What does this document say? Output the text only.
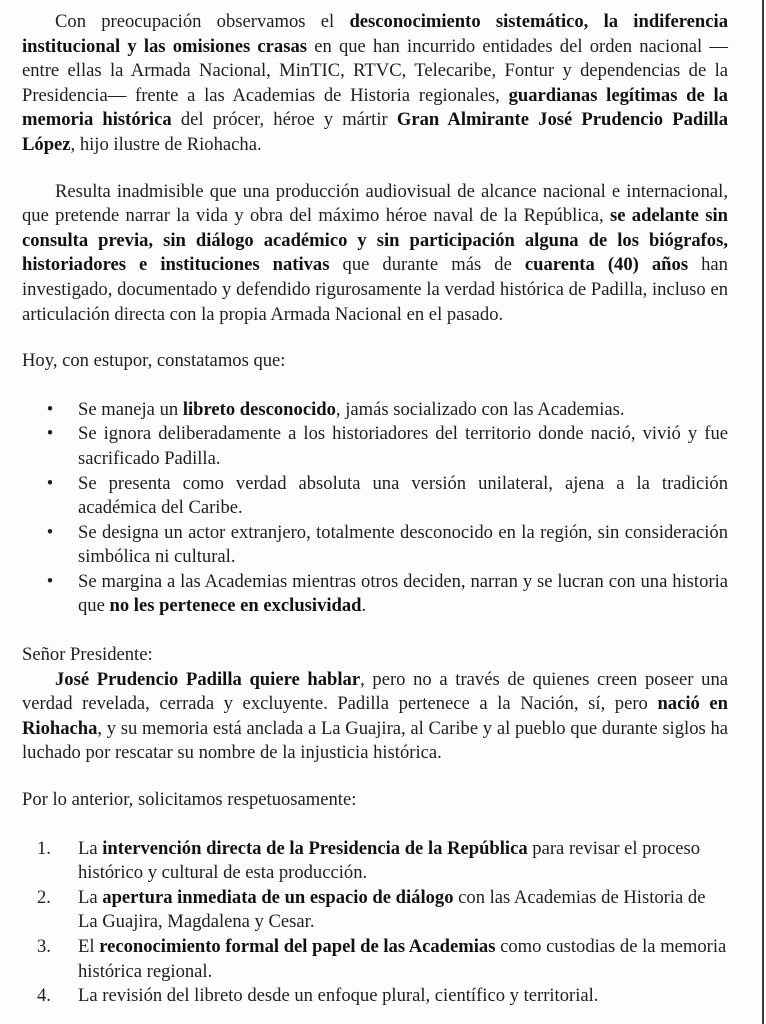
Con preocupación observamos el desconocimiento sistemático, la indiferencia institucional y las omisiones crasas en que han incurrido entidades del orden nacional —entre ellas la Armada Nacional, MinTIC, RTVC, Telecaribe, Fontur y dependencias de la Presidencia— frente a las Academias de Historia regionales, guardianas legítimas de la memoria histórica del prócer, héroe y mártir Gran Almirante José Prudencio Padilla López, hijo ilustre de Riohacha.

Resulta inadmisible que una producción audiovisual de alcance nacional e internacional, que pretende narrar la vida y obra del máximo héroe naval de la República, se adelante sin consulta previa, sin diálogo académico y sin participación alguna de los biógrafos, historiadores e instituciones nativas que durante más de cuarenta (40) años han investigado, documentado y defendido rigurosamente la verdad histórica de Padilla, incluso en articulación directa con la propia Armada Nacional en el pasado.

Hoy, con estupor, constatamos que:

•	Se maneja un libreto desconocido, jamás socializado con las Academias.
•	Se ignora deliberadamente a los historiadores del territorio donde nació, vivió y fue sacrificado Padilla.
•	Se presenta como verdad absoluta una versión unilateral, ajena a la tradición académica del Caribe.
•	Se designa un actor extranjero, totalmente desconocido en la región, sin consideración simbólica ni cultural.
•	Se margina a las Academias mientras otros deciden, narran y se lucran con una historia que no les pertenece en exclusividad.

Señor Presidente:

José Prudencio Padilla quiere hablar, pero no a través de quienes creen poseer una verdad revelada, cerrada y excluyente. Padilla pertenece a la Nación, sí, pero nació en Riohacha, y su memoria está anclada a La Guajira, al Caribe y al pueblo que durante siglos ha luchado por rescatar su nombre de la injusticia histórica.

Por lo anterior, solicitamos respetuosamente:

1.	La intervención directa de la Presidencia de la República para revisar el proceso histórico y cultural de esta producción.
2.	La apertura inmediata de un espacio de diálogo con las Academias de Historia de La Guajira, Magdalena y Cesar.
3.	El reconocimiento formal del papel de las Academias como custodias de la memoria histórica regional.
4.	La revisión del libreto desde un enfoque plural, científico y territorial.
